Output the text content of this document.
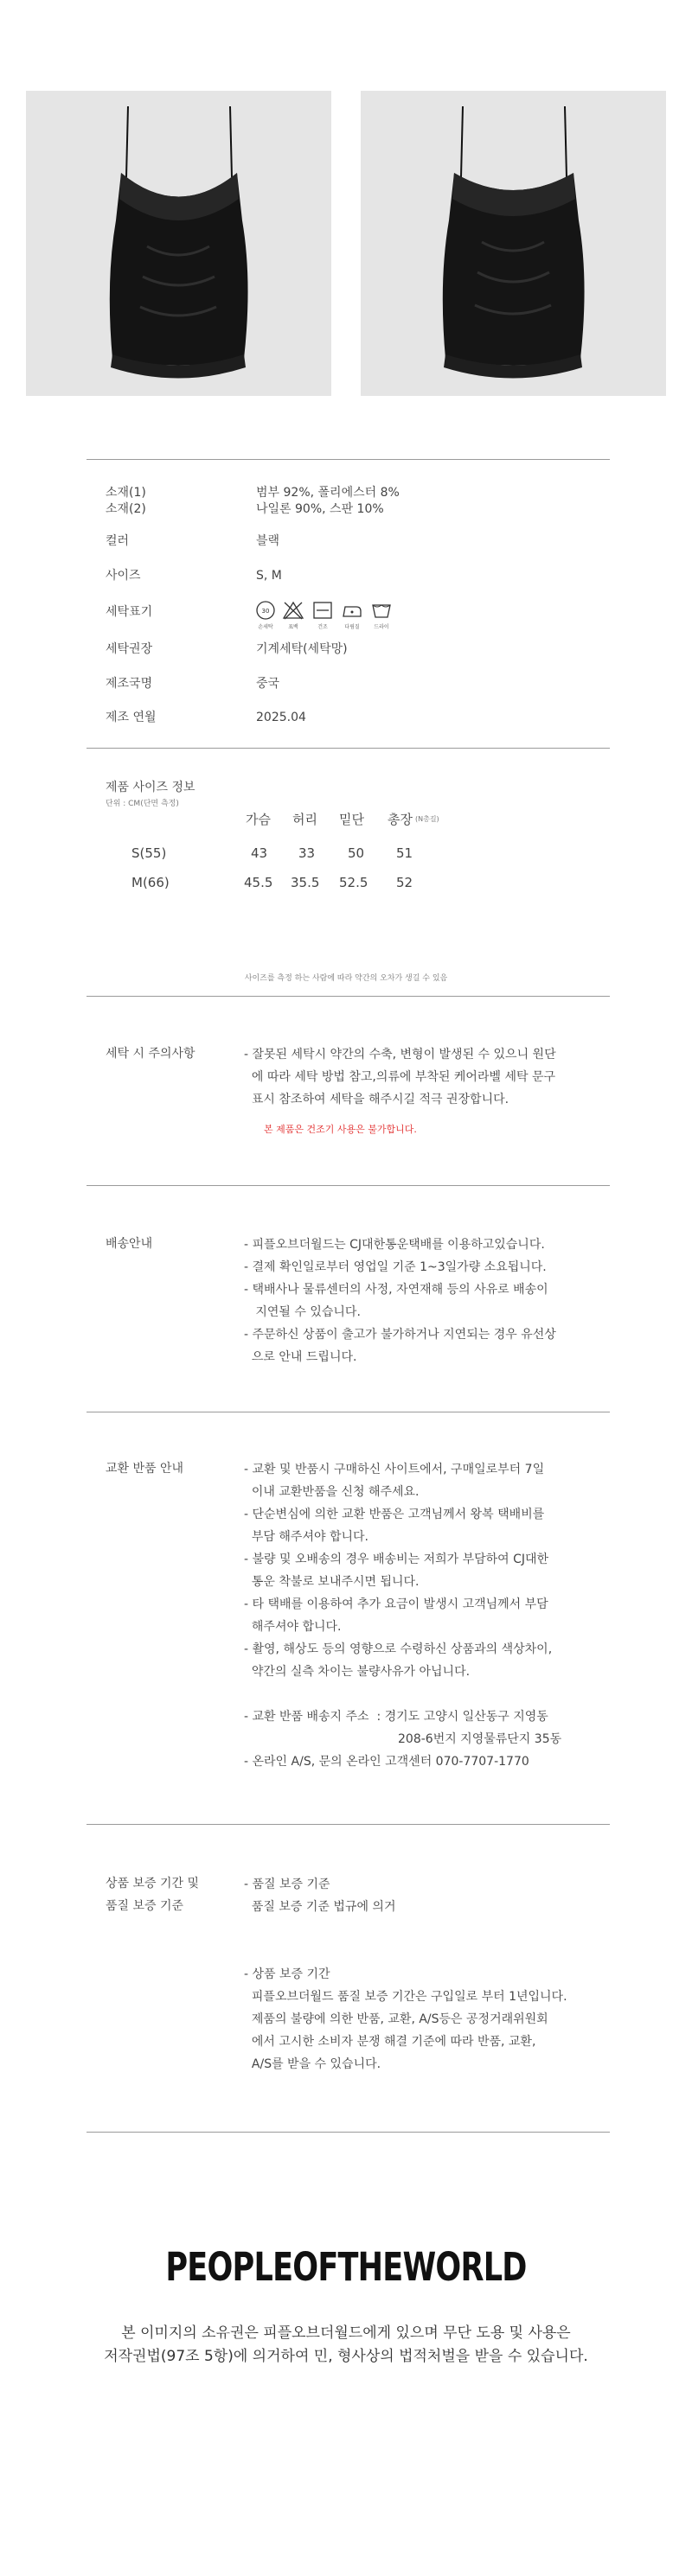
소재(1)	범부 92%, 폴리에스터 8%
소재(2)	나일론 90%, 스판 10%
컬러	블랙
사이즈	S, M
세탁표기	30
손세탁	표백	건조	다림질	드라이
세탁권장	기계세탁(세탁망)
제조국명	중국
제조 연월	2025.04
제품 사이즈 정보
단위 : CM(단면 측정)
가슴 허리 밑단 총장 (N총길)
S(55)	43 33	50 51
M(66)	45.5 35.5 52.5 52
사이즈를 측정 하는 사람에 따라 약간의 오차가 생길 수 있음
세탁 시 주의사항	- 잘못된 세탁시 약간의 수축, 변형이 발생된 수 있으니 원단
에 따라 세탁 방법 참고,의류에 부착된 케어라벨 세탁 문구
표시 참조하여 세탁을 해주시길 적극 권장합니다.
본 제품은 건조기 사용은 불가합니다.
배송안내	- 피플오브더월드는 CJ대한통운택배를 이용하고있습니다.
- 결제 확인일로부터 영업일 기준 1~3일가량 소요됩니다.
- 택배사나 물류센터의 사정, 자연재해 등의 사유로 배송이
지연될 수 있습니다.
- 주문하신 상품이 출고가 불가하거나 지연되는 경우 유선상
으로 안내 드립니다.
교환 반품 안내	- 교환 및 반품시 구매하신 사이트에서, 구매일로부터 7일
이내 교환반품을 신청 해주세요.
- 단순변심에 의한 교환 반품은 고객님께서 왕복 택배비를
부담 해주셔야 합니다.
- 불량 및 오배송의 경우 배송비는 저희가 부담하여 CJ대한
통운 착불로 보내주시면 됩니다.
- 타 택배를 이용하여 추가 요금이 발생시 고객님께서 부담
해주셔야 합니다.
- 촬영, 해상도 등의 영향으로 수령하신 상품과의 색상차이,
약간의 실측 차이는 불량사유가 아닙니다.

- 교환 반품 배송지 주소  : 경기도 고양시 일산동구 지영동
208-6번지 지영물류단지 35동
- 온라인 A/S, 문의 온라인 고객센터 070-7707-1770
상품 보증 기간 및
품질 보증 기준
- 품질 보증 기준
품질 보증 기준 법규에 의거

- 상품 보증 기간
피플오브더월드 품질 보증 기간은 구입일로 부터 1년입니다.
제품의 불량에 의한 반품, 교환, A/S등은 공정거래위원회
에서 고시한 소비자 분쟁 해결 기준에 따라 반품, 교환,
A/S를 받을 수 있습니다.
PEOPLEOFTHEWORLD
본 이미지의 소유권은 피플오브더월드에게 있으며 무단 도용 및 사용은
저작권법(97조 5항)에 의거하여 민, 형사상의 법적처벌을 받을 수 있습니다.
